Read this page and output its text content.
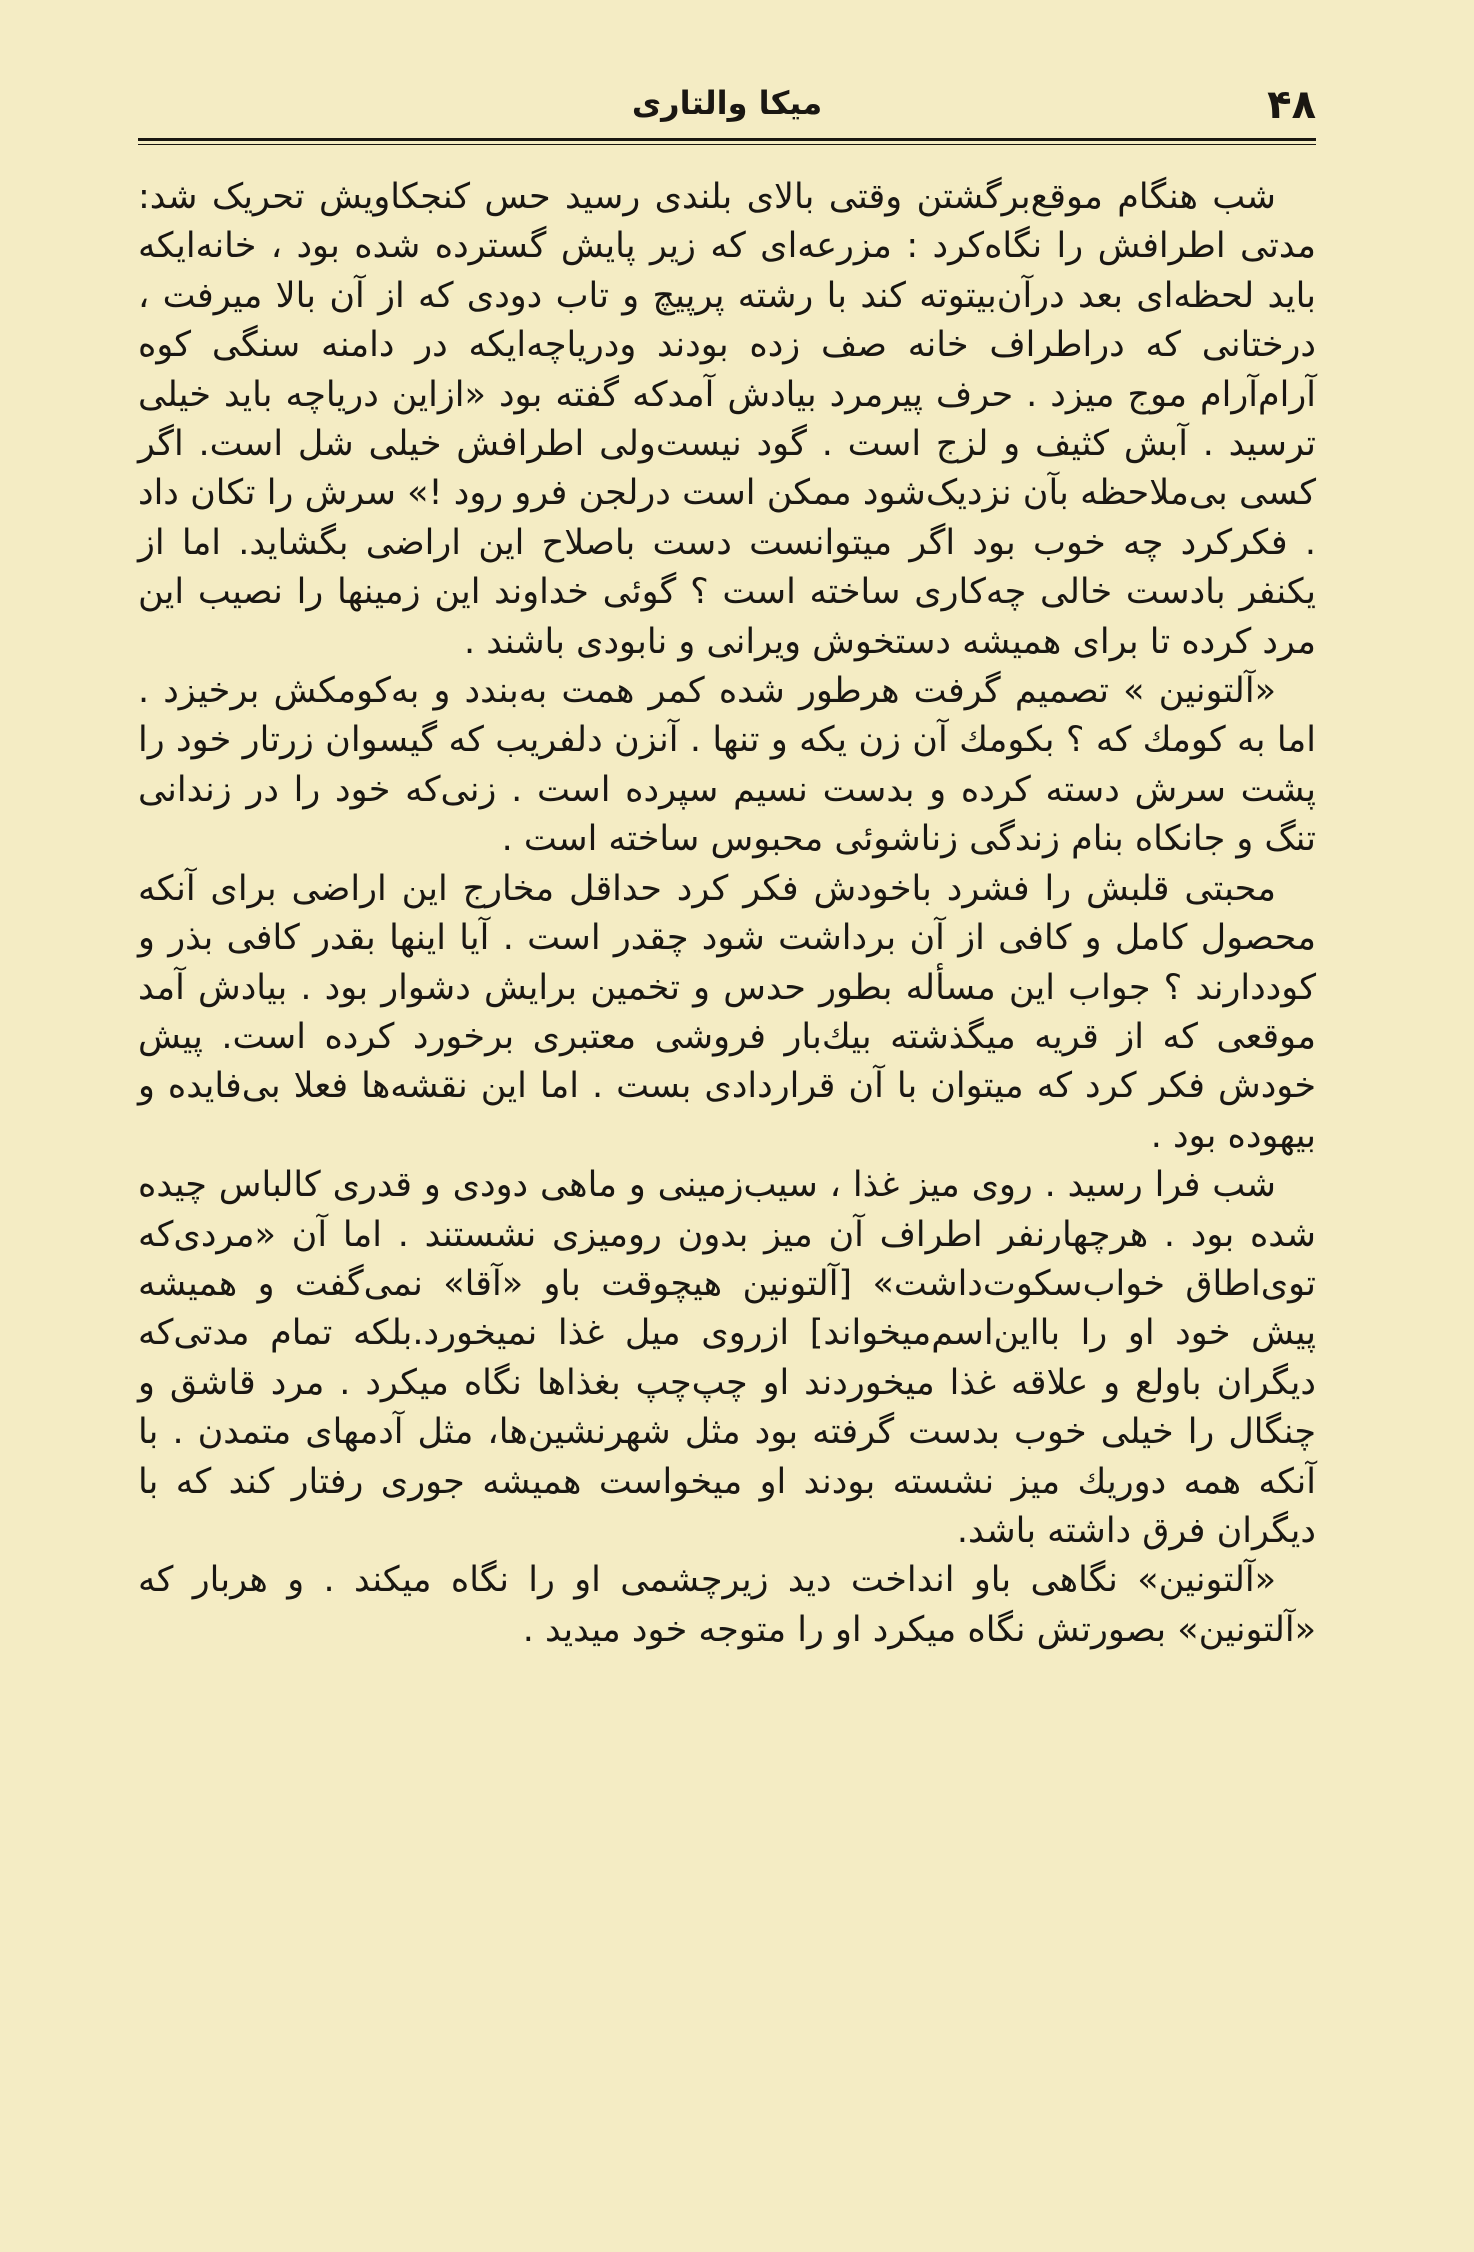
۴۸
میکا والتاری

شب هنگام موقع‌برگشتن وقتی بالای بلندی رسید حس کنجکاویش تحریک شد: مدتی اطرافش را نگاه‌کرد : مزرعه‌ای که زیر پایش گسترده شده بود ، خانه‌ایکه باید لحظه‌ای بعد درآن‌بیتوته کند با رشته پرپیچ و تاب دودی که از آن بالا میرفت ، درختانی که دراطراف خانه صف زده بودند ودریاچه‌ایکه در دامنه سنگی کوه آرام‌آرام موج میزد . حرف پیرمرد بیادش آمدکه گفته بود «ازاین دریاچه باید خیلی ترسید . آبش کثیف و لزج است . گود نیست‌ولی اطرافش خیلی شل است. اگر کسی بی‌ملاحظه بآن نزدیک‌شود ممکن است درلجن فرو رود !» سرش را تکان داد . فکرکرد چه خوب بود اگر میتوانست دست باصلاح این اراضی بگشاید. اما از یکنفر بادست خالی چه‌کاری ساخته است ؟ گوئی خداوند این زمینها را نصیب این مرد کرده تا برای همیشه دستخوش ویرانی و نابودی باشند .

«آلتونین » تصمیم گرفت هرطور شده کمر همت به‌بندد و به‌کومکش برخیزد . اما به کومك که ؟ بکومك آن زن یکه و تنها . آنزن دلفریب که گیسوان زرتار خود را پشت سرش دسته کرده و بدست نسیم سپرده است . زنی‌که خود را در زندانی تنگ و جانکاه بنام زندگی زناشوئی محبوس ساخته است .

محبتی قلبش را فشرد باخودش فکر کرد حداقل مخارج این اراضی برای آنکه محصول کامل و کافی از آن برداشت شود چقدر است . آیا اینها بقدر کافی بذر و کوددارند ؟ جواب این مسأله بطور حدس و تخمین برایش دشوار بود . بیادش آمد موقعی که از قریه میگذشته بیك‌بار فروشی معتبری برخورد کرده است. پیش خودش فکر کرد که میتوان با آن قراردادی بست . اما این نقشه‌ها فعلا بی‌فایده و بیهوده بود .

شب فرا رسید . روی میز غذا ، سیب‌زمینی و ماهی دودی و قدری کالباس چیده شده بود . هرچهارنفر اطراف آن میز بدون رومیزی نشستند . اما آن «مردی‌که توی‌اطاق خواب‌سکوت‌داشت» [آلتونین هیچوقت باو «آقا» نمی‌گفت و همیشه پیش خود او را بااین‌اسم‌میخواند] ازروی میل غذا نمیخورد.بلکه تمام مدتی‌که دیگران باولع و علاقه غذا میخوردند او چپ‌چپ بغذاها نگاه میکرد . مرد قاشق و چنگال را خیلی خوب بدست گرفته بود مثل شهرنشین‌ها، مثل آدمهای متمدن . با آنکه همه دوریك میز نشسته بودند او میخواست همیشه جوری رفتار کند که با دیگران فرق داشته باشد.

«آلتونین» نگاهی باو انداخت دید زیرچشمی او را نگاه میکند . و هربار که «آلتونین» بصورتش نگاه میکرد او را متوجه خود میدید .
